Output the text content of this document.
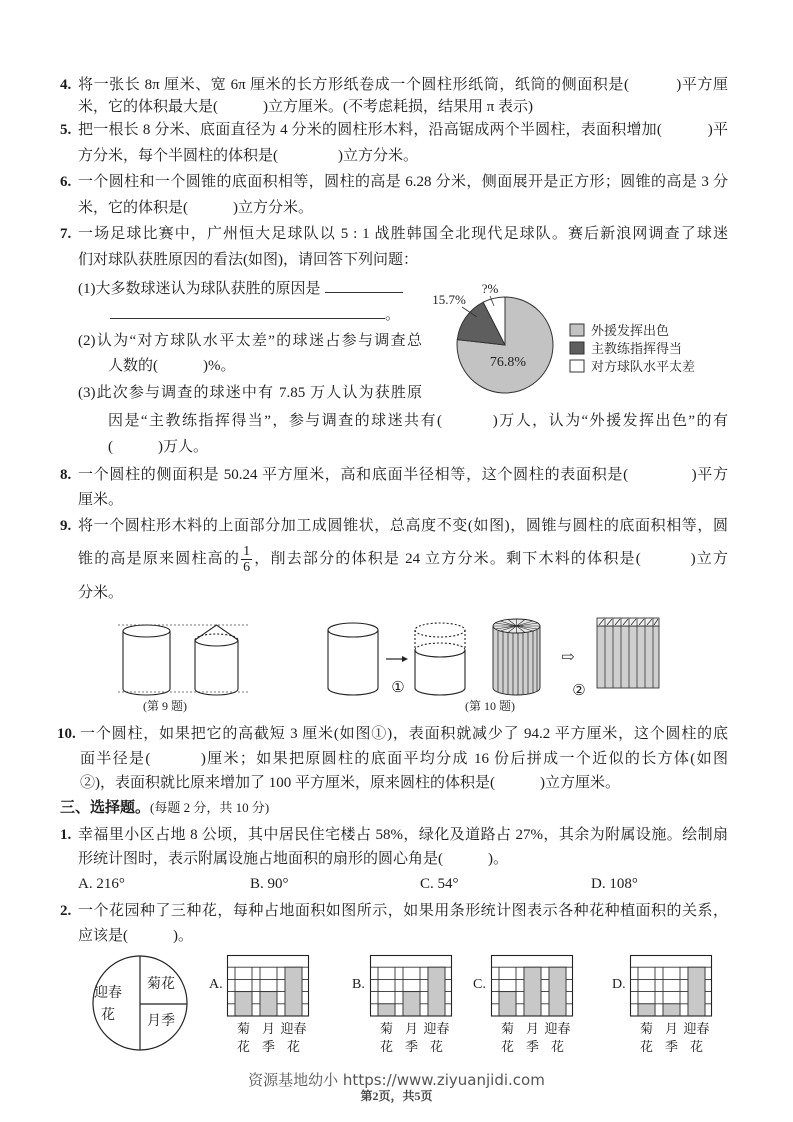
4. 将一张长 8π 厘米、宽 6π 厘米的长方形纸卷成一个圆柱形纸筒，纸筒的侧面积是(　　　)平方厘
米，它的体积最大是(　　　)立方厘米。(不考虑耗损，结果用 π 表示)
5. 把一根长 8 分米、底面直径为 4 分米的圆柱形木料，沿高锯成两个半圆柱，表面积增加(　　　)平
方分米，每个半圆柱的体积是(　　　　)立方分米。
6. 一个圆柱和一个圆锥的底面积相等，圆柱的高是 6.28 分米，侧面展开是正方形；圆锥的高是 3 分
米，它的体积是(　　　)立方分米。
7. 一场足球比赛中，广州恒大足球队以 5 : 1 战胜韩国全北现代足球队。赛后新浪网调查了球迷
们对球队获胜原因的看法(如图)，请回答下列问题：
(1)大多数球迷认为球队获胜的原因是
。
(2)认为“对方球队水平太差”的球迷占参与调查总
人数的(　　　)%。
(3)此次参与调查的球迷中有 7.85 万人认为获胜原
因是“主教练指挥得当”，参与调查的球迷共有(　　　)万人，认为“外援发挥出色”的有
(　　　)万人。
15.7%
?%
76.8%
外援发挥出色
主教练指挥得当
对方球队水平太差
8. 一个圆柱的侧面积是 50.24 平方厘米，高和底面半径相等，这个圆柱的表面积是(　　　　)平方
厘米。
9. 将一个圆柱形木料的上面部分加工成圆锥状，总高度不变(如图)，圆锥与圆柱的底面积相等，圆
锥的高是原来圆柱高的 $\frac{1}{6}$ ，削去部分的体积是 24 立方分米。剩下木料的体积是(　　　)立方
分米。
(第 9 题)
⇨
①	②
(第 10 题)
10. 一个圆柱，如果把它的高截短 3 厘米(如图①)，表面积就减少了 94.2 平方厘米，这个圆柱的底
面半径是(　　　)厘米；如果把原圆柱的底面平均分成 16 份后拼成一个近似的长方体(如图
②)，表面积就比原来增加了 100 平方厘米，原来圆柱的体积是(　　　)立方厘米。
三、选择题。(每题 2 分，共 10 分)
1. 幸福里小区占地 8 公顷，其中居民住宅楼占 58%，绿化及道路占 27%，其余为附属设施。绘制扇
形统计图时，表示附属设施占地面积的扇形的圆心角是(　　　)。
A. 216°	B. 90°	C. 54°	D. 108°
2. 一个花园种了三种花，每种占地面积如图所示，如果用条形统计图表示各种花种植面积的关系，
应该是(　　　)。
菊花
月季
迎春
花
A.
菊
花
月
季
迎春
花
B.
菊
花
月
季
迎春
花
C.
菊
花
月
季
迎春
花
D.
菊
花
月
季
迎春
花
资源基地幼小 https://www.ziyuanjidi.com
第2页，共5页
